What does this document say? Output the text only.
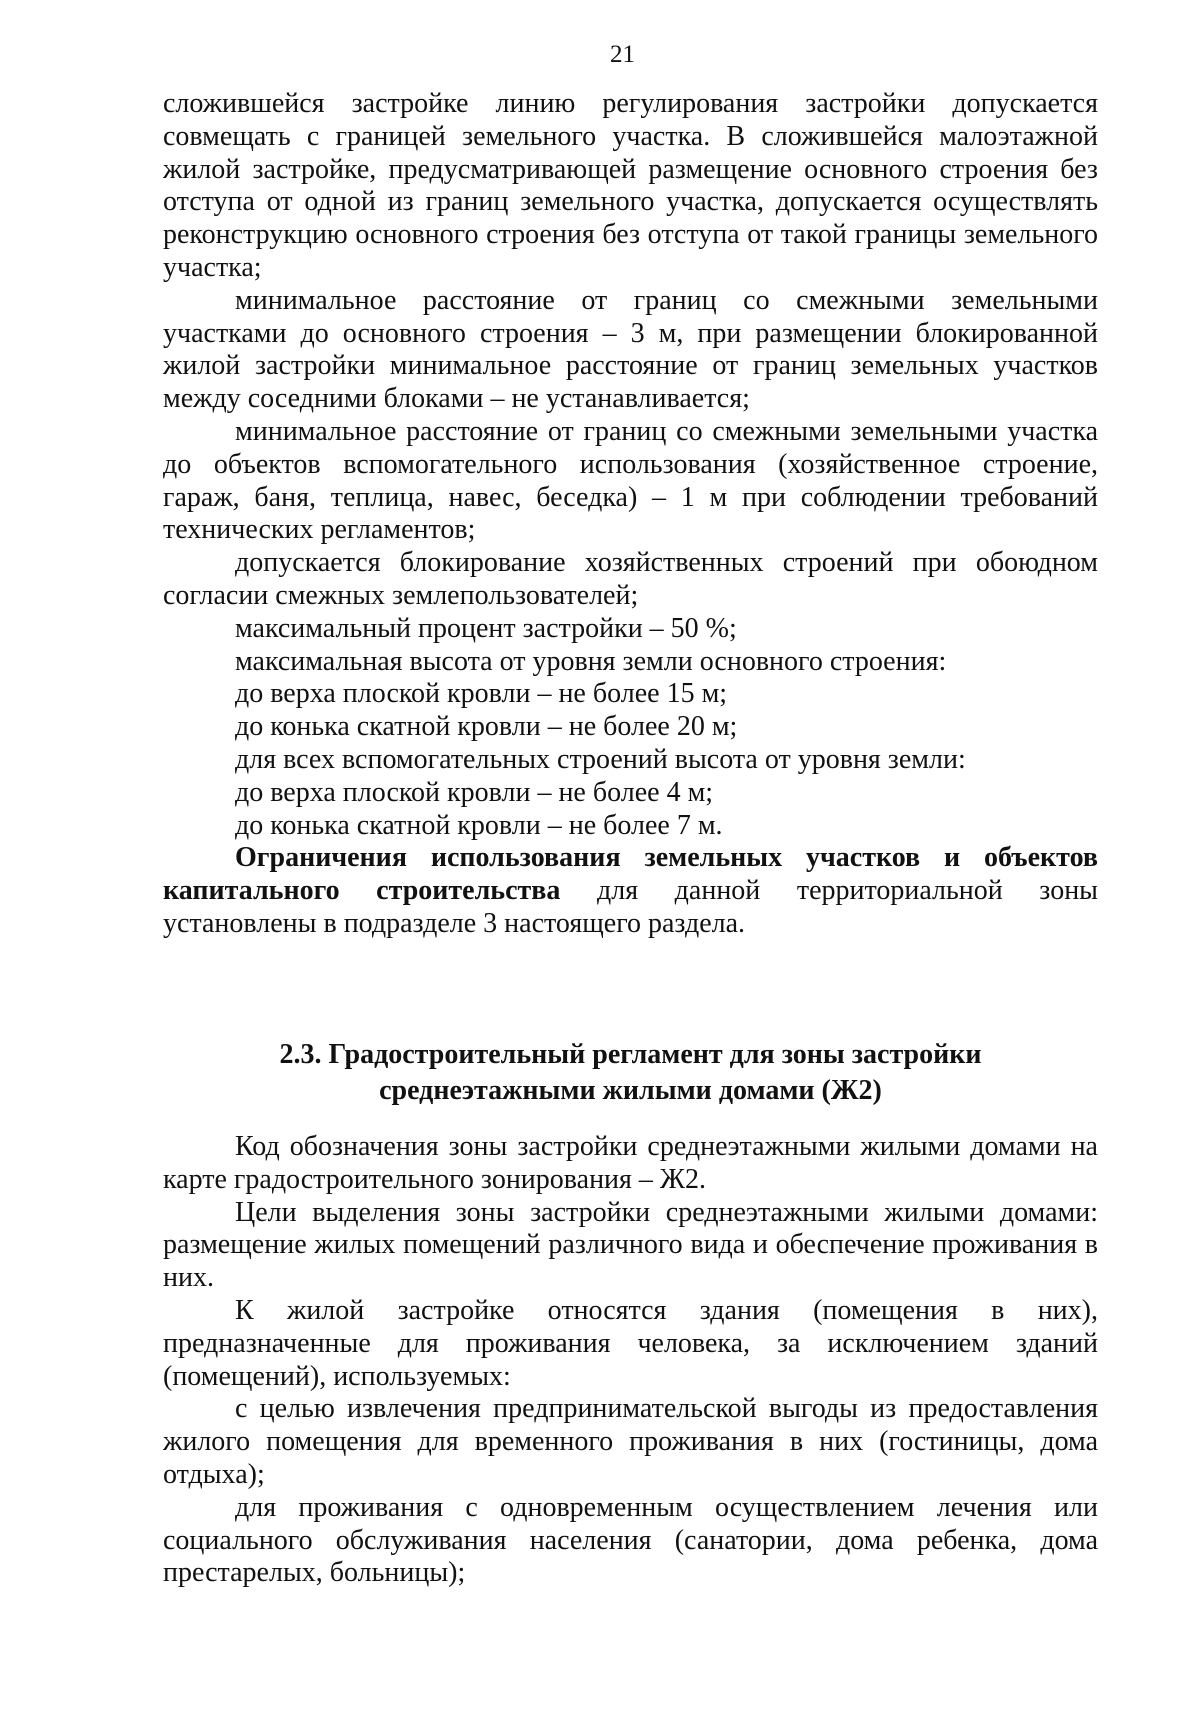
21

сложившейся застройке линию регулирования застройки допускается совмещать с границей земельного участка. В сложившейся малоэтажной жилой застройке, предусматривающей размещение основного строения без отступа от одной из границ земельного участка, допускается осуществлять реконструкцию основного строения без отступа от такой границы земельного участка;

минимальное расстояние от границ со смежными земельными участками до основного строения – 3 м, при размещении блокированной жилой застройки минимальное расстояние от границ земельных участков между соседними блоками – не устанавливается;

минимальное расстояние от границ со смежными земельными участка до объектов вспомогательного использования (хозяйственное строение, гараж, баня, теплица, навес, беседка) – 1 м при соблюдении требований технических регламентов;

допускается блокирование хозяйственных строений при обоюдном согласии смежных землепользователей;

максимальный процент застройки – 50 %;

максимальная высота от уровня земли основного строения:

до верха плоской кровли – не более 15 м;

до конька скатной кровли – не более 20 м;

для всех вспомогательных строений высота от уровня земли:

до верха плоской кровли – не более 4 м;

до конька скатной кровли – не более 7 м.

Ограничения использования земельных участков и объектов капитального строительства для данной территориальной зоны установлены в подразделе 3 настоящего раздела.

2.3. Градостроительный регламент для зоны застройки
среднеэтажными жилыми домами (Ж2)

Код обозначения зоны застройки среднеэтажными жилыми домами на карте градостроительного зонирования – Ж2.

Цели выделения зоны застройки среднеэтажными жилыми домами: размещение жилых помещений различного вида и обеспечение проживания в них.

К жилой застройке относятся здания (помещения в них), предназначенные для проживания человека, за исключением зданий (помещений), используемых:

с целью извлечения предпринимательской выгоды из предоставления жилого помещения для временного проживания в них (гостиницы, дома отдыха);

для проживания с одновременным осуществлением лечения или социального обслуживания населения (санатории, дома ребенка, дома престарелых, больницы);
